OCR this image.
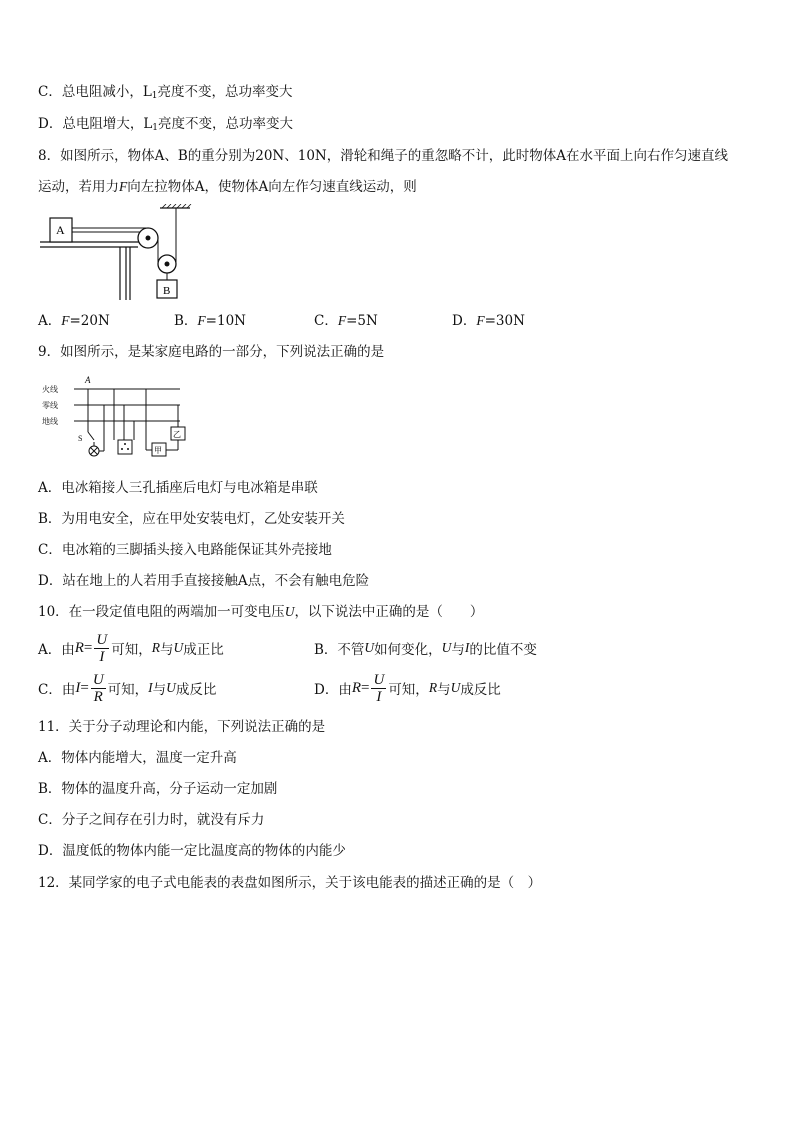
C．总电阻减小，$L_1$亮度不变，总功率变大
D．总电阻增大，$L_1$亮度不变，总功率变大
8．如图所示，物体A、B的重分别为20N、10N，滑轮和绳子的重忽略不计，此时物体A在水平面上向右作匀速直线
运动，若用力F向左拉物体A，使物体A向左作匀速直线运动，则
A
B
A．F=20N	B．F=10N	C．F=5N	D．F=30N
9．如图所示，是某家庭电路的一部分，下列说法正确的是
火线
零线
地线
A
S
甲
乙
A．电冰箱接人三孔插座后电灯与电冰箱是串联
B．为用电安全，应在甲处安装电灯，乙处安装开关
C．电冰箱的三脚插头接入电路能保证其外壳接地
D．站在地上的人若用手直接接触A点，不会有触电危险
10．在一段定值电阻的两端加一可变电压U，以下说法中正确的是（　　）
A．由 $R = \frac{U}{I}$ 可知， R 与 U 成正比	B．不管 U 如何变化， U 与 I 的比值不变
C．由 $I = \frac{U}{R}$ 可知， I 与 U 成反比	D．由 $R = \frac{U}{I}$ 可知， R 与 U 成反比
11．关于分子动理论和内能，下列说法正确的是
A．物体内能增大，温度一定升高
B．物体的温度升高，分子运动一定加剧
C．分子之间存在引力时，就没有斥力
D．温度低的物体内能一定比温度高的物体的内能少
12．某同学家的电子式电能表的表盘如图所示，关于该电能表的描述正确的是（　）
